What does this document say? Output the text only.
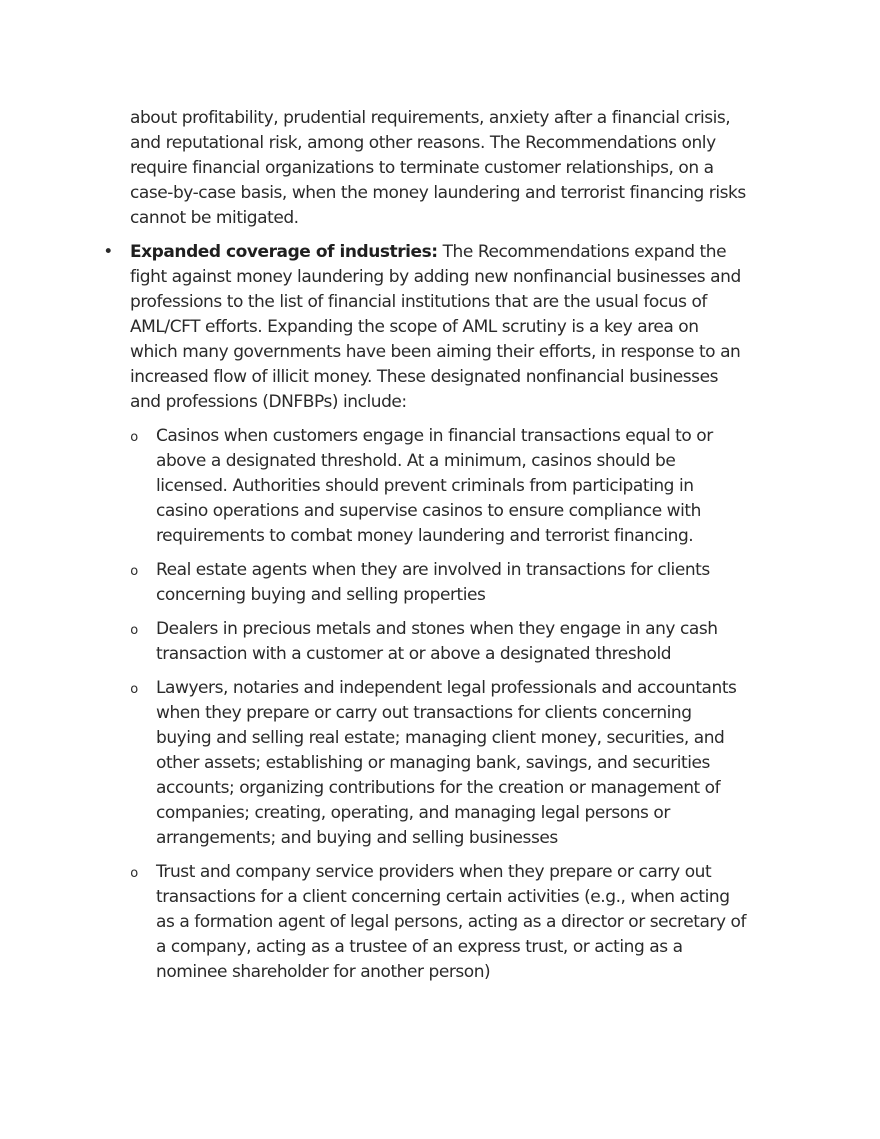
about profitability, prudential requirements, anxiety after a financial crisis, and reputational risk, among other reasons. The Recommendations only require financial organizations to terminate customer relationships, on a case-by-case basis, when the money laundering and terrorist financing risks cannot be mitigated.

• Expanded coverage of industries: The Recommendations expand the fight against money laundering by adding new nonfinancial businesses and professions to the list of financial institutions that are the usual focus of AML/CFT efforts. Expanding the scope of AML scrutiny is a key area on which many governments have been aiming their efforts, in response to an increased flow of illicit money. These designated nonfinancial businesses and professions (DNFBPs) include:
o Casinos when customers engage in financial transactions equal to or above a designated threshold. At a minimum, casinos should be licensed. Authorities should prevent criminals from participating in casino operations and supervise casinos to ensure compliance with requirements to combat money laundering and terrorist financing.
o Real estate agents when they are involved in transactions for clients concerning buying and selling properties
o Dealers in precious metals and stones when they engage in any cash transaction with a customer at or above a designated threshold
o Lawyers, notaries and independent legal professionals and accountants when they prepare or carry out transactions for clients concerning buying and selling real estate; managing client money, securities, and other assets; establishing or managing bank, savings, and securities accounts; organizing contributions for the creation or management of companies; creating, operating, and managing legal persons or arrangements; and buying and selling businesses
o Trust and company service providers when they prepare or carry out transactions for a client concerning certain activities (e.g., when acting as a formation agent of legal persons, acting as a director or secretary of a company, acting as a trustee of an express trust, or acting as a nominee shareholder for another person)
